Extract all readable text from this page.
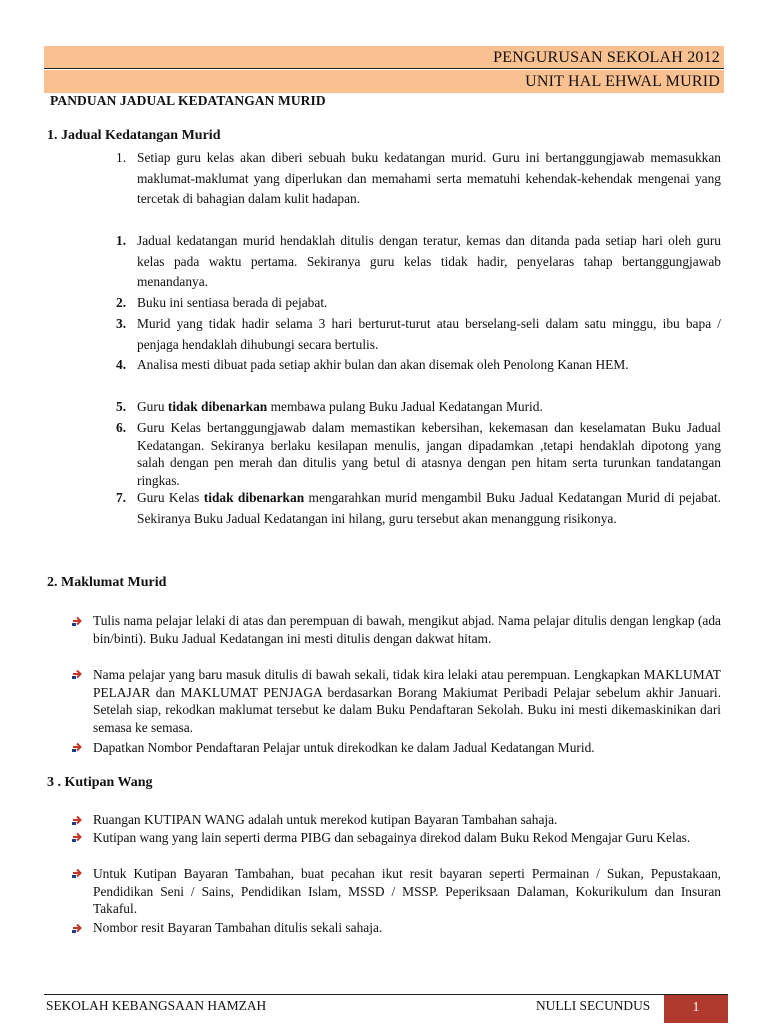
PENGURUSAN SEKOLAH 2012
UNIT HAL EHWAL MURID
PANDUAN JADUAL KEDATANGAN MURID
1. Jadual Kedatangan Murid
1. Setiap guru kelas akan diberi sebuah buku kedatangan murid. Guru ini bertanggungjawab memasukkan maklumat-maklumat yang diperlukan dan memahami serta mematuhi kehendak-kehendak mengenai yang tercetak di bahagian dalam kulit hadapan.

1. Jadual kedatangan murid hendaklah ditulis dengan teratur, kemas dan ditanda pada setiap hari oleh guru kelas pada waktu pertama. Sekiranya guru kelas tidak hadir, penyelaras tahap bertanggungjawab menandanya.

2. Buku ini sentiasa berada di pejabat.

3. Murid yang tidak hadir selama 3 hari berturut-turut atau berselang-seli dalam satu minggu, ibu bapa / penjaga hendaklah dihubungi secara bertulis.

4. Analisa mesti dibuat pada setiap akhir bulan dan akan disemak oleh Penolong Kanan HEM.

5. Guru tidak dibenarkan membawa pulang Buku Jadual Kedatangan Murid.

6. Guru Kelas bertanggungjawab dalam memastikan kebersihan, kekemasan dan keselamatan Buku Jadual Kedatangan. Sekiranya berlaku kesilapan menulis, jangan dipadamkan ,tetapi hendaklah dipotong yang salah dengan pen merah dan ditulis yang betul di atasnya dengan pen hitam serta turunkan tandatangan ringkas.

7. Guru Kelas tidak dibenarkan mengarahkan murid mengambil Buku Jadual Kedatangan Murid di pejabat. Sekiranya Buku Jadual Kedatangan ini hilang, guru tersebut akan menanggung risikonya.

2. Maklumat Murid

Tulis nama pelajar lelaki di atas dan perempuan di bawah, mengikut abjad. Nama pelajar ditulis dengan lengkap (ada bin/binti). Buku Jadual Kedatangan ini mesti ditulis dengan dakwat hitam.

Nama pelajar yang baru masuk ditulis di bawah sekali, tidak kira lelaki atau perempuan. Lengkapkan MAKLUMAT PELAJAR dan MAKLUMAT PENJAGA berdasarkan Borang Makiumat Peribadi Pelajar sebelum akhir Januari. Setelah siap, rekodkan maklumat tersebut ke dalam Buku Pendaftaran Sekolah. Buku ini mesti dikemaskinikan dari semasa ke semasa.

Dapatkan Nombor Pendaftaran Pelajar untuk direkodkan ke dalam Jadual Kedatangan Murid.

3 . Kutipan Wang

Ruangan KUTIPAN WANG adalah untuk merekod kutipan Bayaran Tambahan sahaja.

Kutipan wang yang lain seperti derma PIBG dan sebagainya direkod dalam Buku Rekod Mengajar Guru Kelas.

Untuk Kutipan Bayaran Tambahan, buat pecahan ikut resit bayaran seperti Permainan / Sukan, Pepustakaan, Pendidikan Seni / Sains, Pendidikan Islam, MSSD / MSSP. Peperiksaan Dalaman, Kokurikulum dan Insuran Takaful.

Nombor resit Bayaran Tambahan ditulis sekali sahaja.

SEKOLAH KEBANGSAAN HAMZAH	NULLI SECUNDUS	1
